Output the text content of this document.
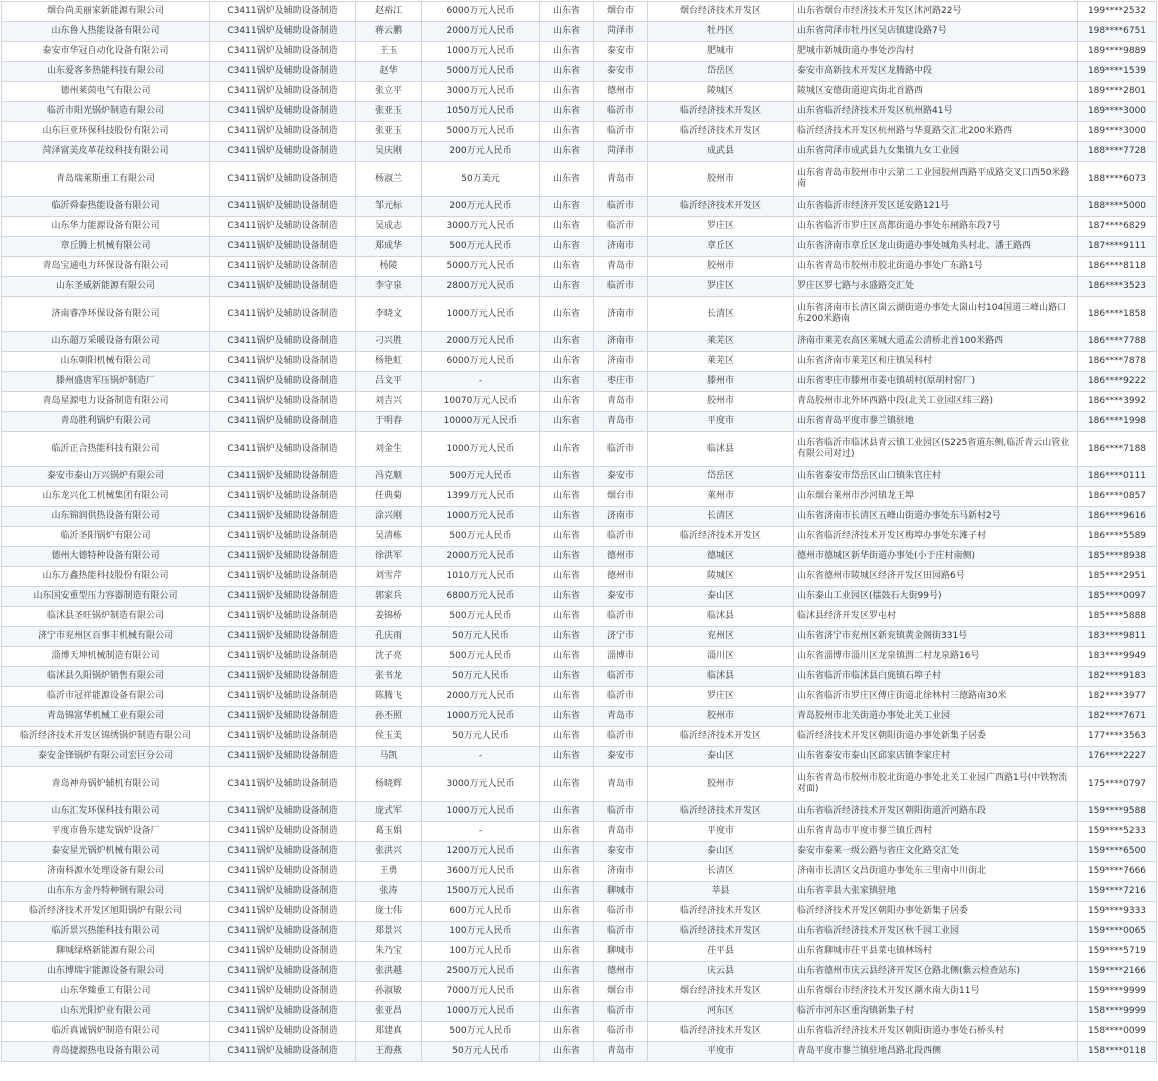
烟台尚美丽家新能源有限公司	C3411锅炉及辅助设备制造	赵裕江	6000万元人民币	山东省	烟台市	烟台经济技术开发区	山东省烟台市经济技术开发区沭河路22号	199****2532
山东鲁人热能设备有限公司	C3411锅炉及辅助设备制造	蒋云鹏	2000万元人民币	山东省	菏泽市	牡丹区	山东省菏泽市牡丹区吴店镇建设路7号	198****6751
泰安市华冠自动化设备有限公司	C3411锅炉及辅助设备制造	王玉	1000万元人民币	山东省	泰安市	肥城市	肥城市新城街道办事处沙沟村	189****9889
山东爱客多热能科技有限公司	C3411锅炉及辅助设备制造	赵华	5000万元人民币	山东省	泰安市	岱岳区	泰安市高新技术开发区龙腾路中段	189****1539
德州莱茵电气有限公司	C3411锅炉及辅助设备制造	张立平	3000万元人民币	山东省	德州市	陵城区	陵城区安德街道迎宾街北首路西	189****2801
临沂市阳光锅炉制造有限公司	C3411锅炉及辅助设备制造	张亚玉	1050万元人民币	山东省	临沂市	临沂经济技术开发区	山东省临沂经济技术开发区杭州路41号	189****3000
山东巨亚环保科技股份有限公司	C3411锅炉及辅助设备制造	张亚玉	5000万元人民币	山东省	临沂市	临沂经济技术开发区	临沂经济技术开发区杭州路与华夏路交汇北200米路西	189****3000
菏泽富美皮革花纹科技有限公司	C3411锅炉及辅助设备制造	吴庆刚	200万元人民币	山东省	菏泽市	成武县	山东省菏泽市成武县九女集镇九女工业园	188****7728
青岛瑞莱斯重工有限公司	C3411锅炉及辅助设备制造	杨淑兰	50万美元	山东省	青岛市	胶州市	山东省青岛市胶州市中云第二工业园胶州西路平成路交叉口西50米路南	188****6073
临沂舜泰热能设备有限公司	C3411锅炉及辅助设备制造	邹元标	200万元人民币	山东省	临沂市	临沂经济技术开发区	山东省临沂市经济开发区延安路121号	188****5000
山东华力能源设备有限公司	C3411锅炉及辅助设备制造	吴成志	3000万元人民币	山东省	临沂市	罗庄区	山东省临沂市罗庄区高都街道办事处东闸路东段7号	187****6829
章丘腾上机械有限公司	C3411锅炉及辅助设备制造	郑成华	500万元人民币	山东省	济南市	章丘区	山东省济南市章丘区龙山街道办事处城角头村北、潘王路西	187****9111
青岛宝通电力环保设备有限公司	C3411锅炉及辅助设备制造	杨陵	5000万元人民币	山东省	青岛市	胶州市	山东省青岛市胶州市胶北街道办事处广东路1号	186****8118
山东圣威新能源有限公司	C3411锅炉及辅助设备制造	李守泉	2800万元人民币	山东省	临沂市	罗庄区	罗庄区罗七路与永盛路交汇处	186****3523
济南睿净环保设备有限公司	C3411锅炉及辅助设备制造	李晓文	1000万元人民币	山东省	济南市	长清区	山东省济南市长清区崮云湖街道办事处大崮山村104国道三峰山路口东200米路南	186****1858
山东超万采暖设备有限公司	C3411锅炉及辅助设备制造	刁兴胜	2000万元人民币	山东省	济南市	莱芜区	济南市莱芜农高区莱城大道孟公清桥北首100米路西	186****7788
山东朝阳机械有限公司	C3411锅炉及辅助设备制造	杨艳虹	6000万元人民币	山东省	济南市	莱芜区	山东省济南市莱芜区和庄镇吴科村	186****7878
滕州盛唐军压锅炉制造厂	C3411锅炉及辅助设备制造	吕文平	-	山东省	枣庄市	滕州市	山东省枣庄市滕州市姜屯镇胡村(原胡村窑厂)	186****9222
青岛星源电力设备制造有限公司	C3411锅炉及辅助设备制造	刘吉兴	10070万元人民币	山东省	青岛市	胶州市	青岛胶州市北外环西路中段(北关工业园区纬三路)	186****3992
青岛胜利锅炉有限公司	C3411锅炉及辅助设备制造	于明春	10000万元人民币	山东省	青岛市	平度市	山东省青岛平度市蓼兰镇驻地	186****1998
临沂正合热能科技有限公司	C3411锅炉及辅助设备制造	刘金生	1000万元人民币	山东省	临沂市	临沭县	山东省临沂市临沭县青云镇工业园区(S225省道东侧,临沂青云山管业有限公司对过)	186****7188
泰安市泰山万兴锅炉有限公司	C3411锅炉及辅助设备制造	冯克顺	500万元人民币	山东省	泰安市	岱岳区	山东省泰安市岱岳区山口镇朱官庄村	186****0111
山东龙兴化工机械集团有限公司	C3411锅炉及辅助设备制造	任典菊	1399万元人民币	山东省	烟台市	莱州市	山东烟台莱州市沙河镇龙王埠	186****0857
山东锦润供热设备有限公司	C3411锅炉及辅助设备制造	涂兴刚	1000万元人民币	山东省	济南市	长清区	山东省济南市长清区五峰山街道办事处东马新村2号	186****9616
临沂圣阳锅炉有限公司	C3411锅炉及辅助设备制造	吴清栋	500万元人民币	山东省	临沂市	临沂经济技术开发区	山东省临沂经济技术开发区梅埠办事处东滩子村	186****5589
德州大德特种设备有限公司	C3411锅炉及辅助设备制造	徐洪军	2000万元人民币	山东省	德州市	德城区	德州市德城区新华街道办事处(小于庄村南侧)	185****8938
山东万鑫热能科技股份有限公司	C3411锅炉及辅助设备制造	刘雪芹	1010万元人民币	山东省	德州市	陵城区	山东省德州市陵城区经济开发区田园路6号	185****2951
山东国安重型压力容器制造有限公司	C3411锅炉及辅助设备制造	郭家兵	6800万元人民币	山东省	泰安市	泰山区	山东泰山工业园区(擂鼓石大街99号)	185****0097
临沭县圣旺锅炉制造有限公司	C3411锅炉及辅助设备制造	姜锦桥	500万元人民币	山东省	临沂市	临沭县	临沭县经济开发区罗屯村	185****5888
济宁市兖州区百事丰机械有限公司	C3411锅炉及辅助设备制造	孔庆雨	50万元人民币	山东省	济宁市	兖州区	山东省济宁市兖州区新兖镇黄金阁街331号	183****9811
淄博天坤机械制造有限公司	C3411锅炉及辅助设备制造	沈子亮	500万元人民币	山东省	淄博市	淄川区	山东省淄博市淄川区龙泉镇渭二村龙泉路16号	183****9949
临沭县久阳锅炉销售有限公司	C3411锅炉及辅助设备制造	张书龙	50万元人民币	山东省	临沂市	临沭县	山东省临沂市临沭县白旄镇石埠子村	182****9183
临沂市冠祥能源设备有限公司	C3411锅炉及辅助设备制造	陈腾飞	2000万元人民币	山东省	临沂市	罗庄区	山东省临沂市罗庄区傅庄街道北徐林村三德路南30米	182****3977
青岛锦富华机械工业有限公司	C3411锅炉及辅助设备制造	孙丕照	1000万元人民币	山东省	青岛市	胶州市	青岛胶州市北关街道办事处北关工业园	182****7671
临沂经济技术开发区锦绣锅炉制造有限公司	C3411锅炉及辅助设备制造	侯玉美	50万元人民币	山东省	临沂市	临沂经济技术开发区	临沂经济技术开发区朝阳街道办事处新集子居委	177****3563
泰安金锋锅炉有限公司宏巨分公司	C3411锅炉及辅助设备制造	马凯	-	山东省	泰安市	泰山区	山东省泰安市泰山区邱家店镇李家庄村	176****2227
青岛神舟锅炉辅机有限公司	C3411锅炉及辅助设备制造	杨晓辉	3000万元人民币	山东省	青岛市	胶州市	山东省青岛市胶州市胶北街道办事处北关工业园广西路1号(中铁物流对面)	175****0797
山东汇发环保科技有限公司	C3411锅炉及辅助设备制造	庞式军	1000万元人民币	山东省	临沂市	临沂经济技术开发区	山东省临沂经济技术开发区朝阳街道沂河路东段	159****9588
平度市鲁东建发锅炉设备厂	C3411锅炉及辅助设备制造	葛玉娟	-	山东省	青岛市	平度市	山东省青岛市平度市蓼兰镇丘西村	159****5233
泰安星光锅炉机械有限公司	C3411锅炉及辅助设备制造	张洪兴	1200万元人民币	山东省	泰安市	泰山区	泰安市泰莱一级公路与省庄文化路交汇处	159****6500
济南科源水处理设备有限公司	C3411锅炉及辅助设备制造	王勇	3600万元人民币	山东省	济南市	长清区	济南市长清区文昌街道办事处东三里南中川街北	159****7666
山东东方金丹特种钢有限公司	C3411锅炉及辅助设备制造	张涛	1500万元人民币	山东省	聊城市	莘县	山东省莘县大张家镇驻地	159****7216
临沂经济技术开发区旭阳锅炉有限公司	C3411锅炉及辅助设备制造	庞士伟	600万元人民币	山东省	临沂市	临沂经济技术开发区	临沂经济技术开发区朝阳办事处新集子居委	159****9333
临沂景兴热能科技有限公司	C3411锅炉及辅助设备制造	郑景兴	100万元人民币	山东省	临沂市	临沂经济技术开发区	山东省临沂经济技术开发区秋千园工业园	159****0065
聊城绿格新能源有限公司	C3411锅炉及辅助设备制造	朱乃宝	100万元人民币	山东省	聊城市	茌平县	山东省聊城市茌平县菜屯镇林场村	159****5719
山东博瑞宇能源设备有限公司	C3411锅炉及辅助设备制造	张洪越	2500万元人民币	山东省	德州市	庆云县	山东省德州市庆云县经济开发区仓路北侧(紫云检查站东)	159****2166
山东华臻重工有限公司	C3411锅炉及辅助设备制造	孙淑敏	7000万元人民币	山东省	烟台市	烟台经济技术开发区	山东省烟台市经济技术开发区潮水南大街11号	159****9999
山东光阳炉业有限公司	C3411锅炉及辅助设备制造	张亚昌	1000万元人民币	山东省	临沂市	河东区	临沂市河东区重沟镇新集子村	158****9999
临沂真诚锅炉制造有限公司	C3411锅炉及辅助设备制造	郑建真	500万元人民币	山东省	临沂市	临沂经济技术开发区	山东省临沂经济技术开发区朝阳街道办事处石桥头村	158****0099
青岛捷源热电设备有限公司	C3411锅炉及辅助设备制造	王海燕	50万元人民币	山东省	青岛市	平度市	青岛平度市蓼兰镇驻地昌路北段西侧	158****0118
